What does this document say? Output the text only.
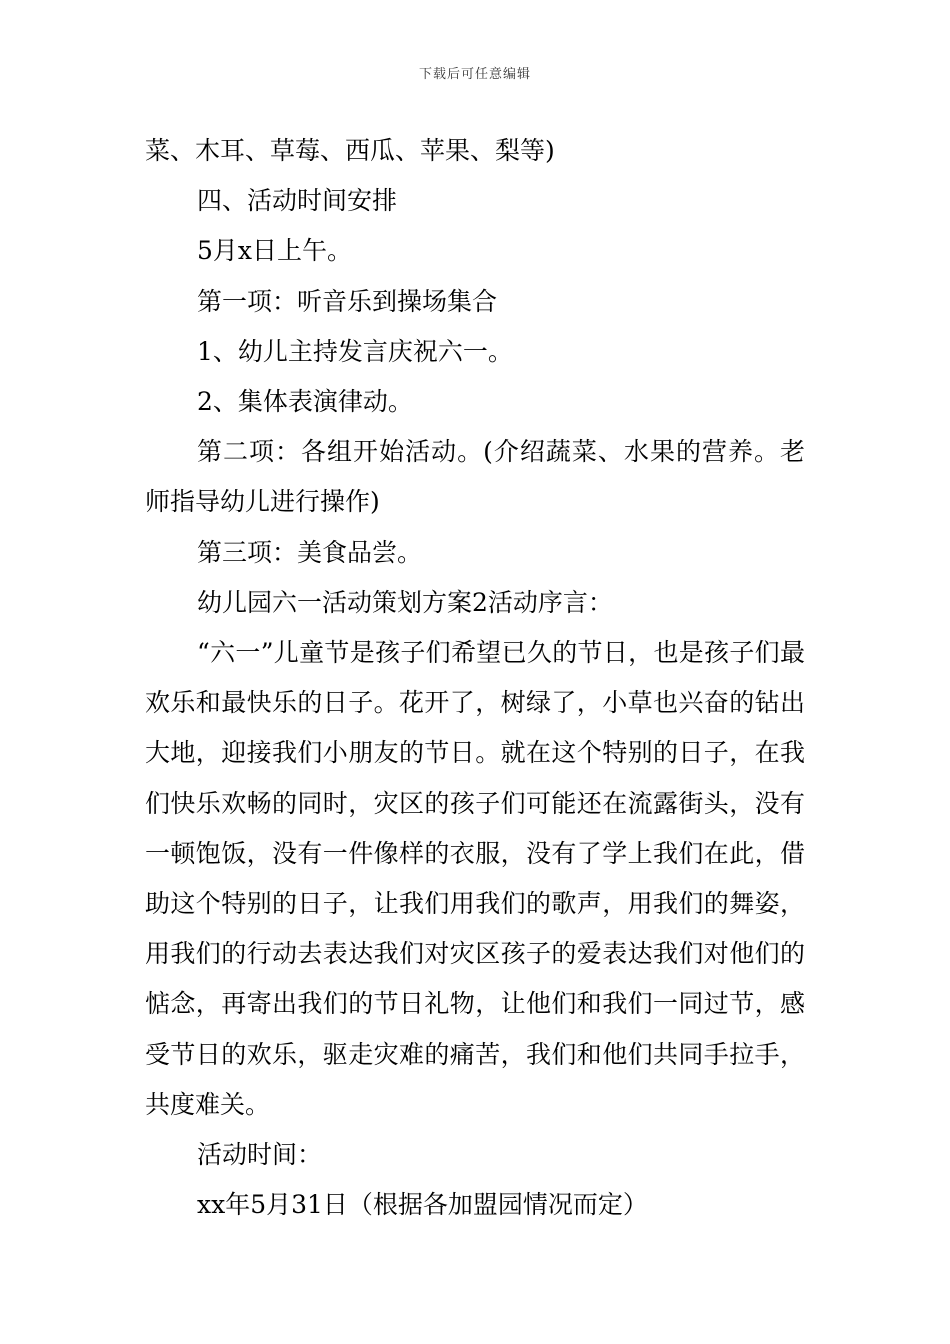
下载后可任意编辑

菜、木耳、草莓、西瓜、苹果、梨等)

四、活动时间安排

5月x日上午。

第一项：听音乐到操场集合

1、幼儿主持发言庆祝六一。

2、集体表演律动。

第二项：各组开始活动。(介绍蔬菜、水果的营养。老师指导幼儿进行操作)

第三项：美食品尝。

幼儿园六一活动策划方案2活动序言：

“六一”儿童节是孩子们希望已久的节日，也是孩子们最欢乐和最快乐的日子。花开了，树绿了，小草也兴奋的钻出大地，迎接我们小朋友的节日。就在这个特别的日子，在我们快乐欢畅的同时，灾区的孩子们可能还在流露街头，没有一顿饱饭，没有一件像样的衣服，没有了学上我们在此，借助这个特别的日子，让我们用我们的歌声，用我们的舞姿，用我们的行动去表达我们对灾区孩子的爱表达我们对他们的惦念，再寄出我们的节日礼物，让他们和我们一同过节，感受节日的欢乐，驱走灾难的痛苦，我们和他们共同手拉手，共度难关。

活动时间：

xx年5月31日（根据各加盟园情况而定）
